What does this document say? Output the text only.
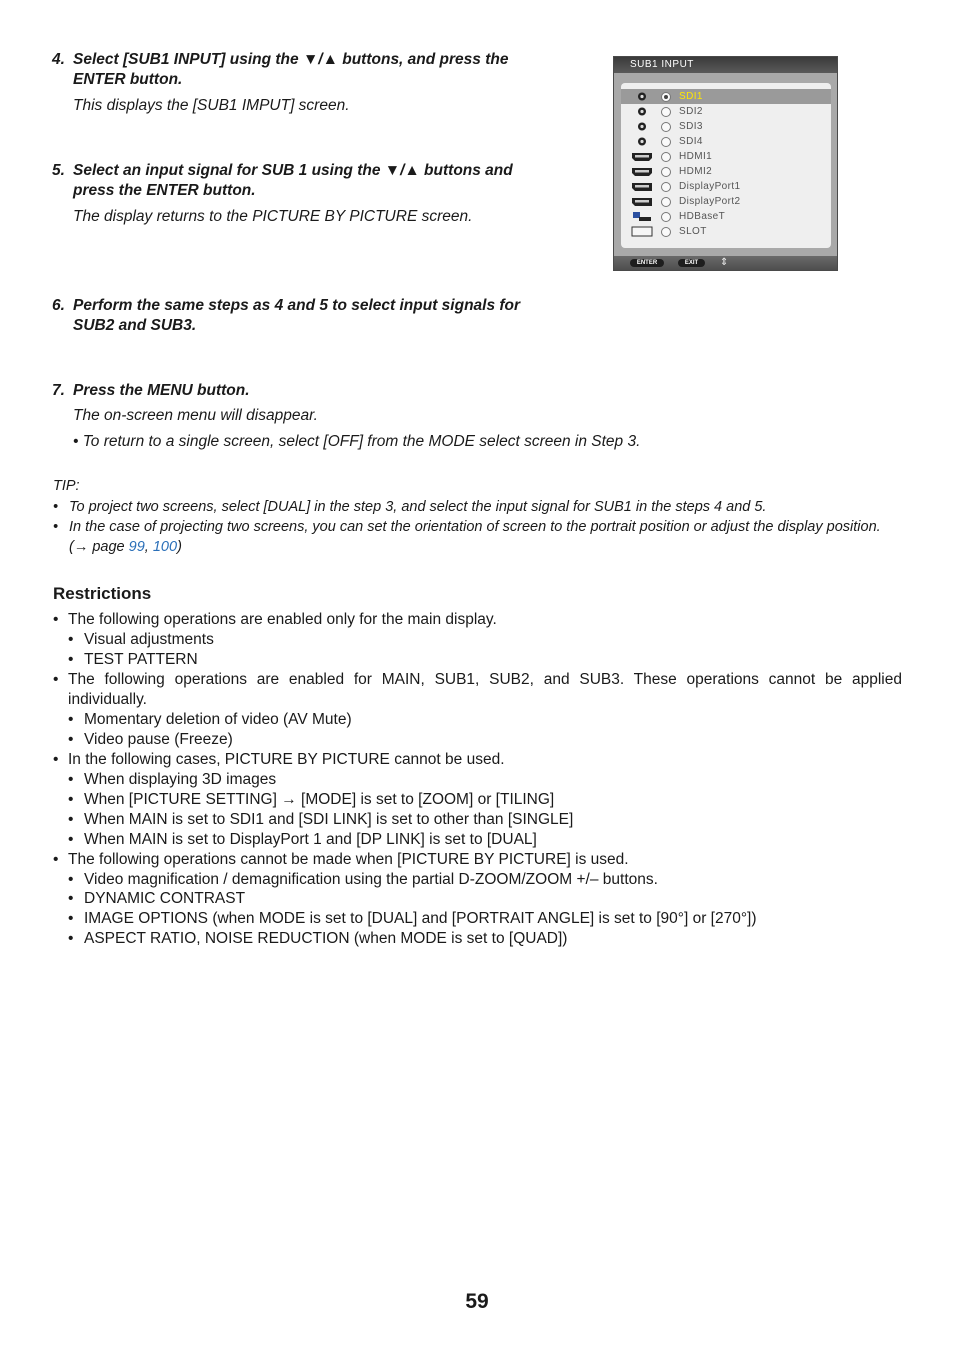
4. Select [SUB1 INPUT] using the ▼/▲ buttons, and press the ENTER button.
This displays the [SUB1 IMPUT] screen.
5. Select an input signal for SUB 1 using the ▼/▲ buttons and press the ENTER button.
The display returns to the PICTURE BY PICTURE screen.
SUB1 INPUT
SDI1
SDI2
SDI3
SDI4
HDMI1
HDMI2
DisplayPort1
DisplayPort2
HDBaseT
SLOT
ENTER	EXIT	⇕
6. Perform the same steps as 4 and 5 to select input signals for SUB2 and SUB3.
7. Press the MENU button.
The on-screen menu will disappear.
• To return to a single screen, select [OFF] from the MODE select screen in Step 3.
TIP:
• To project two screens, select [DUAL] in the step 3, and select the input signal for SUB1 in the steps 4 and 5.
• In the case of projecting two screens, you can set the orientation of screen to the portrait position or adjust the display position.
(→ page 99, 100)
Restrictions
• The following operations are enabled only for the main display.
• Visual adjustments
• TEST PATTERN
• The following operations are enabled for MAIN, SUB1, SUB2, and SUB3. These operations cannot be applied individually.
• Momentary deletion of video (AV Mute)
• Video pause (Freeze)
• In the following cases, PICTURE BY PICTURE cannot be used.
• When displaying 3D images
• When [PICTURE SETTING] → [MODE] is set to [ZOOM] or [TILING]
• When MAIN is set to SDI1 and [SDI LINK] is set to other than [SINGLE]
• When MAIN is set to DisplayPort 1 and [DP LINK] is set to [DUAL]
• The following operations cannot be made when [PICTURE BY PICTURE] is used.
• Video magnification / demagnification using the partial D-ZOOM/ZOOM +/– buttons.
• DYNAMIC CONTRAST
• IMAGE OPTIONS (when MODE is set to [DUAL] and [PORTRAIT ANGLE] is set to [90°] or [270°])
• ASPECT RATIO, NOISE REDUCTION (when MODE is set to [QUAD])
59
